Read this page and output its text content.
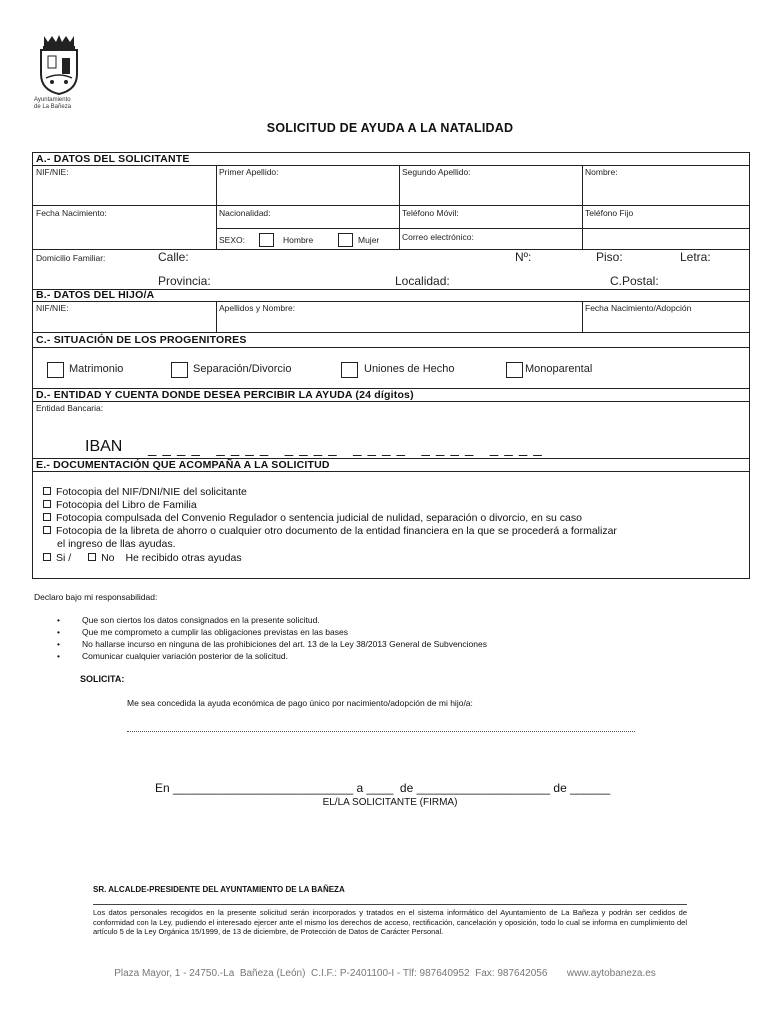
Ayuntamiento
de La Bañeza
SOLICITUD DE AYUDA A LA NATALIDAD
A.- DATOS DEL SOLICITANTE
NIF/NIE:	Primer Apellido:	Segundo Apellido:	Nombre:
Fecha Nacimiento:	Nacionalidad:	Teléfono Móvil:	Teléfono Fijo
SEXO:	Hombre	Mujer	Correo electrónico:
Domicilio Familiar:	Calle:	Nº:	Piso:	Letra:
Provincia:	Localidad:	C.Postal:
B.- DATOS DEL HIJO/A
NIF/NIE:	Apellidos y Nombre:	Fecha Nacimiento/Adopción
C.- SITUACIÓN DE LOS PROGENITORES
Matrimonio	Separación/Divorcio	Uniones de Hecho	Monoparental
D.- ENTIDAD Y CUENTA DONDE DESEA PERCIBIR LA AYUDA (24 dígitos)
Entidad Bancaria:
IBAN _ _ _ _   _ _ _ _   _ _ _ _   _ _ _ _   _ _ _ _   _ _ _ _
E.- DOCUMENTACIÓN QUE ACOMPAÑA A LA SOLICITUD
Fotocopia del NIF/DNI/NIE del solicitante
Fotocopia del Libro de Familia
Fotocopia compulsada del Convenio Regulador o sentencia judicial de nulidad, separación o divorcio, en su caso
Fotocopia de la libreta de ahorro o cualquier otro documento de la entidad financiera en la que se procederá a formalizar
el ingreso de llas ayudas.
Si /	No He recibido otras ayudas
Declaro bajo mi responsabilidad:
•	Que son ciertos los datos consignados en la presente solicitud.
•	Que me comprometo a cumplir las obligaciones previstas en las bases
•	No hallarse incurso en ninguna de las prohibiciones del art. 13 de la Ley 38/2013 General de Subvenciones
•	Comunicar cualquier variación posterior de la solicitud.
SOLICITA:
Me sea concedida la ayuda económica de pago único por nacimiento/adopción de mi hijo/a:
En ___________________________ a ____  de ____________________ de ______
EL/LA SOLICITANTE (FIRMA)
SR. ALCALDE-PRESIDENTE DEL AYUNTAMIENTO DE LA BAÑEZA
Los datos personales recogidos en la presente solicitud serán incorporados y tratados en el sistema informático del Ayuntamiento de La Bañeza y podrán ser cedidos de conformidad con la Ley, pudiendo el interesado ejercer ante el mismo los derechos de acceso, rectificación, cancelación y oposición, todo lo cual se informa en cumplimiento del artículo 5 de la Ley Orgánica 15/1999, de 13 de diciembre, de Protección de Datos de Carácter Personal.
Plaza Mayor, 1 - 24750.-La  Bañeza (León)  C.I.F.: P-2401100-I - Tlf: 987640952  Fax: 987642056       www.aytobaneza.es
